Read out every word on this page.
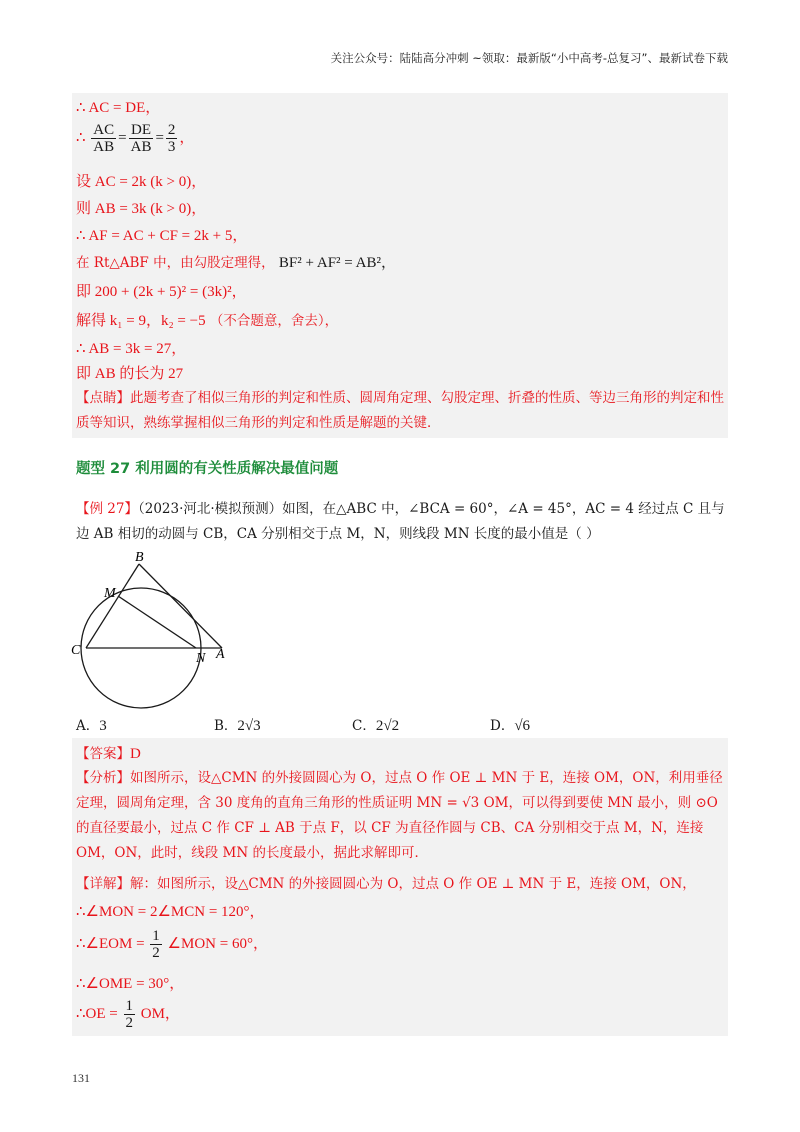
关注公众号：陆陆高分冲刺 ~领取：最新版“小中高考-总复习”、最新试卷下载
∴ AC = DE，
∴ $\frac{AC}{AB} = \frac{DE}{AB} = \frac{2}{3}$ ，
设 AC = 2k (k > 0)，
则 AB = 3k (k > 0)，
∴ AF = AC + CF = 2k + 5，
在 Rt△ABF 中，由勾股定理得， BF² + AF² = AB²，
即 200 + (2k + 5)² = (3k)²，
解得 k₁ = 9，k₂ = −5 （不合题意，舍去），
∴ AB = 3k = 27，
即 AB 的长为 27
【点睛】此题考查了相似三角形的判定和性质、圆周角定理、勾股定理、折叠的性质、等边三角形的判定和性质等知识，熟练掌握相似三角形的判定和性质是解题的关键．
题型 27 利用圆的有关性质解决最值问题
【例 27】（2023·河北·模拟预测）如图，在△ABC 中，∠BCA = 60°，∠A = 45°，AC = 4 经过点 C 且与边 AB 相切的动圆与 CB，CA 分别相交于点 M，N，则线段 MN 长度的最小值是（ ）
B
M
C
N A
A．3	B．2√3	C．2√2	D．√6
【答案】D
【分析】如图所示，设△CMN 的外接圆圆心为 O，过点 O 作 OE ⊥ MN 于 E，连接 OM，ON，利用垂径定理，圆周角定理，含 30 度角的直角三角形的性质证明 MN = √3 OM，可以得到要使 MN 最小，则 ⊙O 的直径要最小，过点 C 作 CF ⊥ AB 于点 F，以 CF 为直径作圆与 CB、CA 分别相交于点 M，N，连接 OM，ON，此时，线段 MN 的长度最小，据此求解即可．
【详解】解：如图所示，设△CMN 的外接圆圆心为 O，过点 O 作 OE ⊥ MN 于 E，连接 OM，ON，
∴∠MON = 2∠MCN = 120°，
∴∠EOM = $\frac{1}{2}$ ∠MON = 60°，
∴∠OME = 30°，
∴OE = $\frac{1}{2}$ OM，
131
